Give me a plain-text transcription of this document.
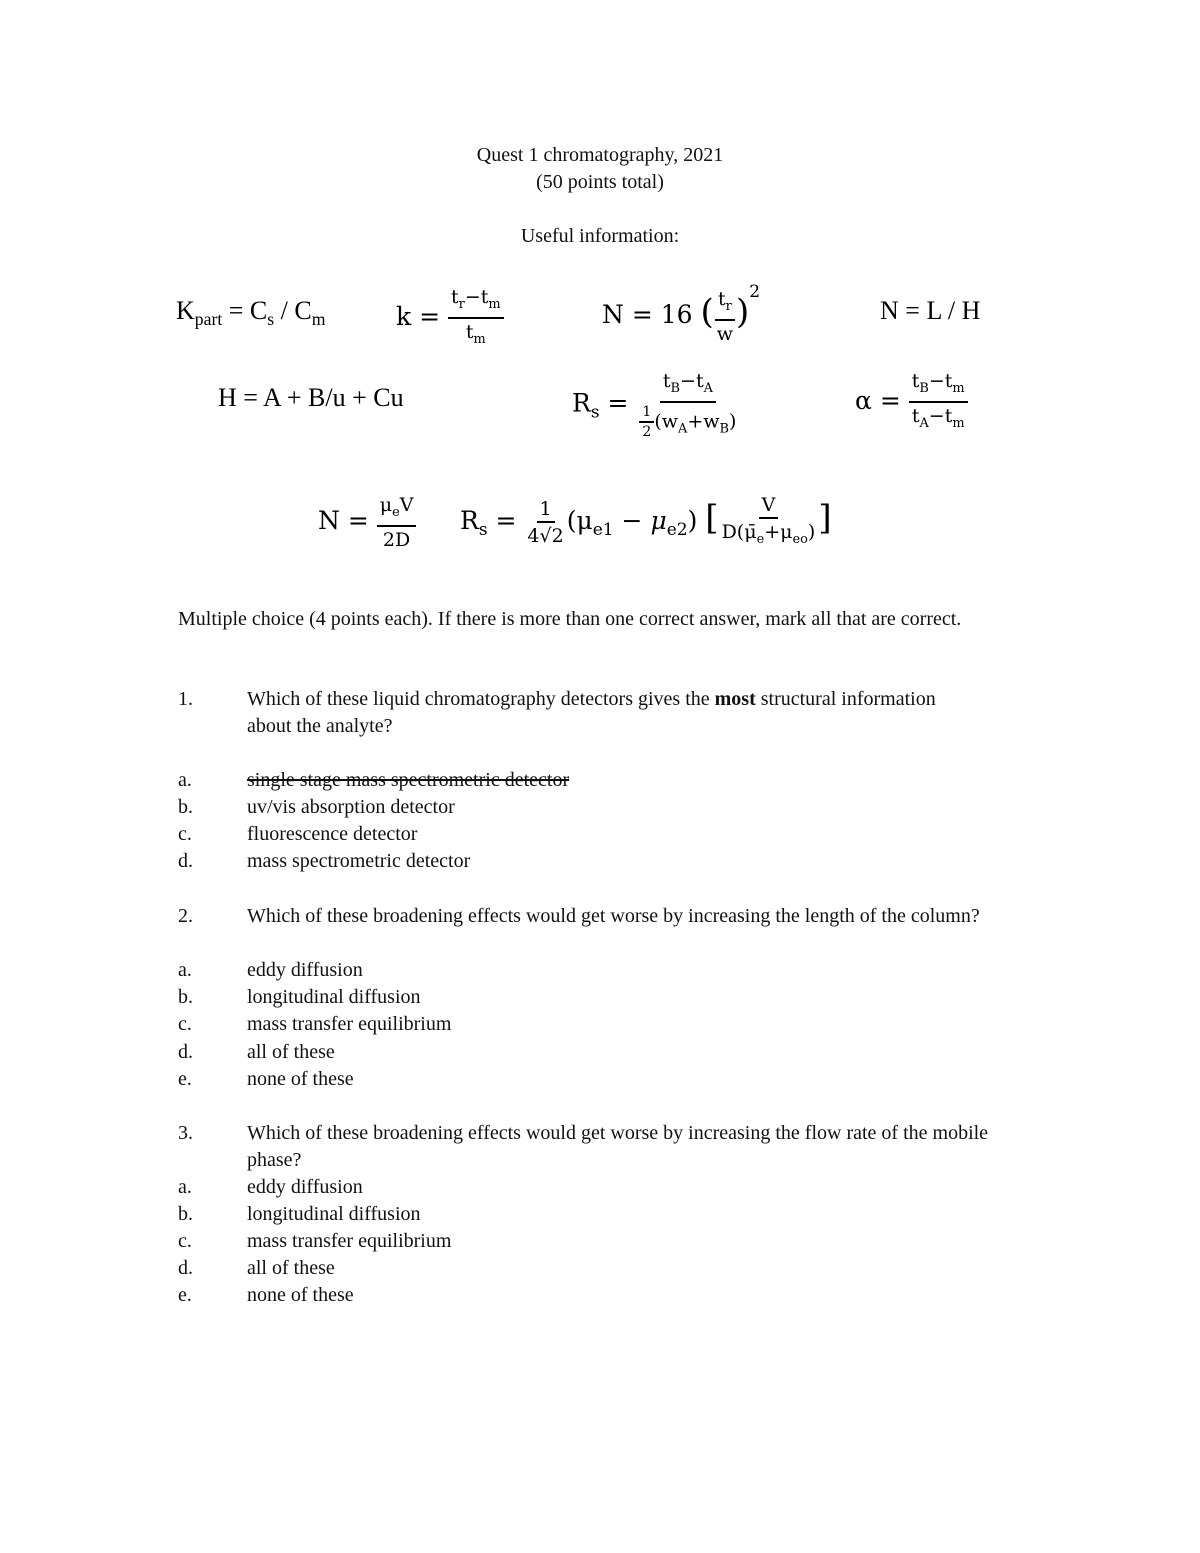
Quest 1 chromatography, 2021
(50 points total)
Useful information:
$K_{part} = C_s / C_m$	$k = \frac{t_r-t_m}{t_m}$	N = 16 ( $\frac{t_r}{w} )^2$
N = L / H
H = A + B/u + Cu	$R_s = \frac{t_B-t_A}{\frac{1}{2} (w_A+w_B)}$	$\alpha = \frac{t_B-t_m}{t_A-t_m}$
$N = \frac{\mu_eV}{2D} R_s = \frac{1}{4√2} (\mu_{e1} - \mu_{e2})$ [ $\frac{V}{D(\mū_e+\mu_{eo})}$ ]
Multiple choice (4 points each). If there is more than one correct answer, mark all that are correct.
1.	Which of these liquid chromatography detectors gives the most structural information about the analyte?
a.	single stage mass spectrometric detector
b.	uv/vis absorption detector
c.	fluorescence detector
d.	mass spectrometric detector
2.	Which of these broadening effects would get worse by increasing the length of the column?
a.	eddy diffusion
b.	longitudinal diffusion
c.	mass transfer equilibrium
d.	all of these
e.	none of these
3.	Which of these broadening effects would get worse by increasing the flow rate of the mobile phase?
a.	eddy diffusion
b.	longitudinal diffusion
c.	mass transfer equilibrium
d.	all of these
e.	none of these
